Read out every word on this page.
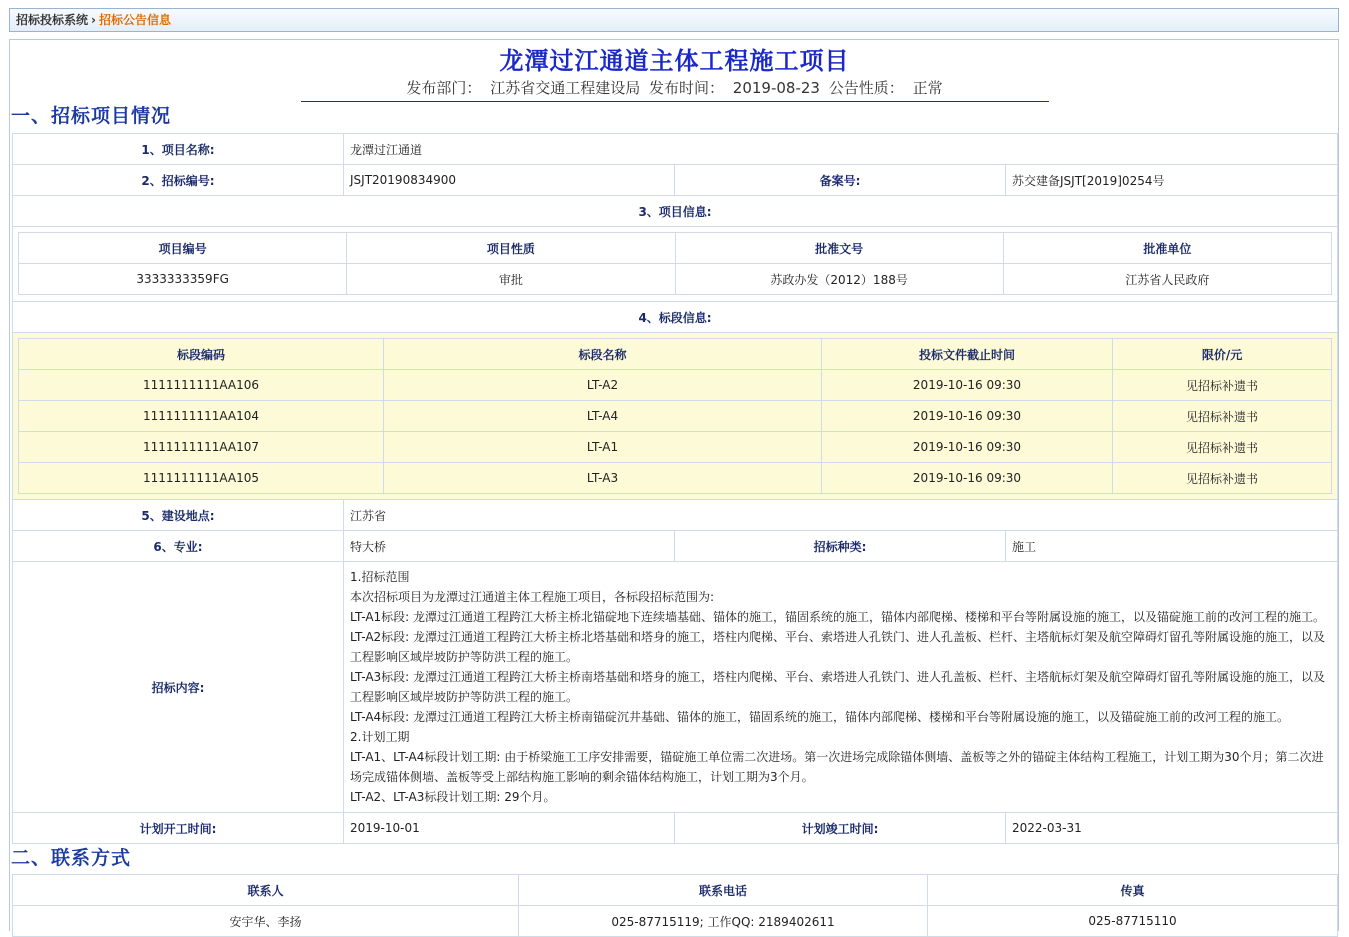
招标投标系统 › 招标公告信息
龙潭过江通道主体工程施工项目
发布部门： 江苏省交通工程建设局 发布时间： 2019-08-23 公告性质： 正常
一、招标项目情况
1、项目名称:	龙潭过江通道
2、招标编号:	JSJT20190834900	备案号:	苏交建备JSJT[2019]0254号
3、项目信息:

项目编号	项目性质	批准文号	批准单位
3333333359FG	审批	苏政办发（2012）188号	江苏省人民政府

4、标段信息:

标段编码	标段名称	投标文件截止时间	限价/元
1111111111AA106	LT-A2	2019-10-16 09:30	见招标补遗书
1111111111AA104	LT-A4	2019-10-16 09:30	见招标补遗书
1111111111AA107	LT-A1	2019-10-16 09:30	见招标补遗书
1111111111AA105	LT-A3	2019-10-16 09:30	见招标补遗书

5、建设地点:	江苏省
6、专业:	特大桥	招标种类:	施工
招标内容:	
1.招标范围
本次招标项目为龙潭过江通道主体工程施工项目，各标段招标范围为:
LT-A1标段: 龙潭过江通道工程跨江大桥主桥北锚碇地下连续墙基础、锚体的施工，锚固系统的施工，锚体内部爬梯、楼梯和平台等附属设施的施工，以及锚碇施工前的改河工程的施工。
LT-A2标段: 龙潭过江通道工程跨江大桥主桥北塔基础和塔身的施工，塔柱内爬梯、平台、索塔进人孔铁门、进人孔盖板、栏杆、主塔航标灯架及航空障碍灯留孔等附属设施的施工，以及工程影响区域岸坡防护等防洪工程的施工。
LT-A3标段: 龙潭过江通道工程跨江大桥主桥南塔基础和塔身的施工，塔柱内爬梯、平台、索塔进人孔铁门、进人孔盖板、栏杆、主塔航标灯架及航空障碍灯留孔等附属设施的施工，以及工程影响区域岸坡防护等防洪工程的施工。
LT-A4标段: 龙潭过江通道工程跨江大桥主桥南锚碇沉井基础、锚体的施工，锚固系统的施工，锚体内部爬梯、楼梯和平台等附属设施的施工，以及锚碇施工前的改河工程的施工。
2.计划工期
LT-A1、LT-A4标段计划工期: 由于桥梁施工工序安排需要，锚碇施工单位需二次进场。第一次进场完成除锚体侧墙、盖板等之外的锚碇主体结构工程施工，计划工期为30个月；第二次进场完成锚体侧墙、盖板等受上部结构施工影响的剩余锚体结构施工，计划工期为3个月。
LT-A2、LT-A3标段计划工期: 29个月。

计划开工时间:	2019-10-01	计划竣工时间:	2022-03-31
二、联系方式
联系人	联系电话	传真
安宇华、李扬	025-87715119; 工作QQ: 2189402611	025-87715110
